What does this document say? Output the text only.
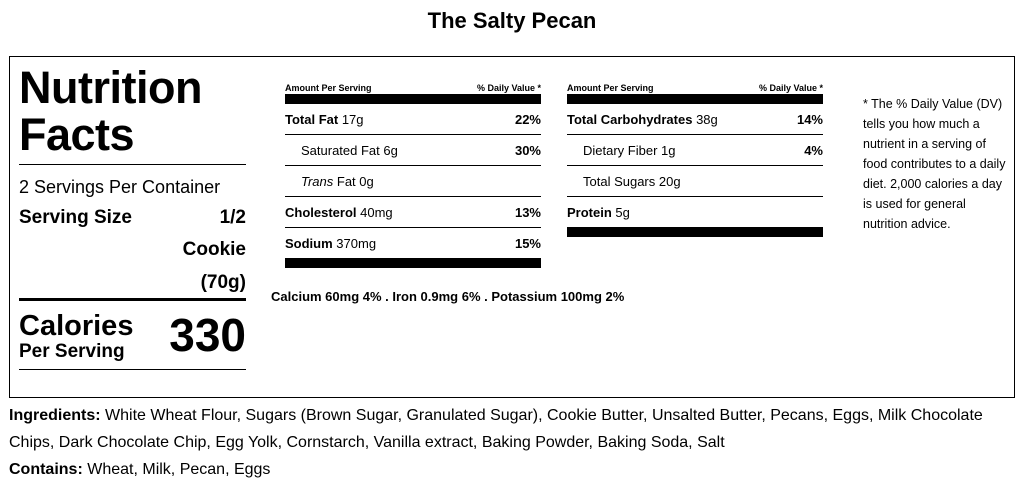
The Salty Pecan
Nutrition
Facts
2 Servings Per Container
Serving Size	1/2
Cookie
(70g)
Calories
Per Serving 330
Amount Per Serving	% Daily Value *
Total Fat 17g	22%
Saturated Fat 6g	30%
Trans Fat 0g
Cholesterol 40mg	13%
Sodium 370mg	15%
Amount Per Serving	% Daily Value *
Total Carbohydrates 38g	14%
Dietary Fiber 1g	4%
Total Sugars 20g
Protein 5g
Calcium 60mg 4% . Iron 0.9mg 6% . Potassium 100mg 2%
* The % Daily Value (DV) tells you how much a nutrient in a serving of food contributes to a daily diet. 2,000 calories a day is used for general nutrition advice.
Ingredients: White Wheat Flour, Sugars (Brown Sugar, Granulated Sugar), Cookie Butter, Unsalted Butter, Pecans, Eggs, Milk Chocolate Chips, Dark Chocolate Chip, Egg Yolk, Cornstarch, Vanilla extract, Baking Powder, Baking Soda, Salt
Contains: Wheat, Milk, Pecan, Eggs
